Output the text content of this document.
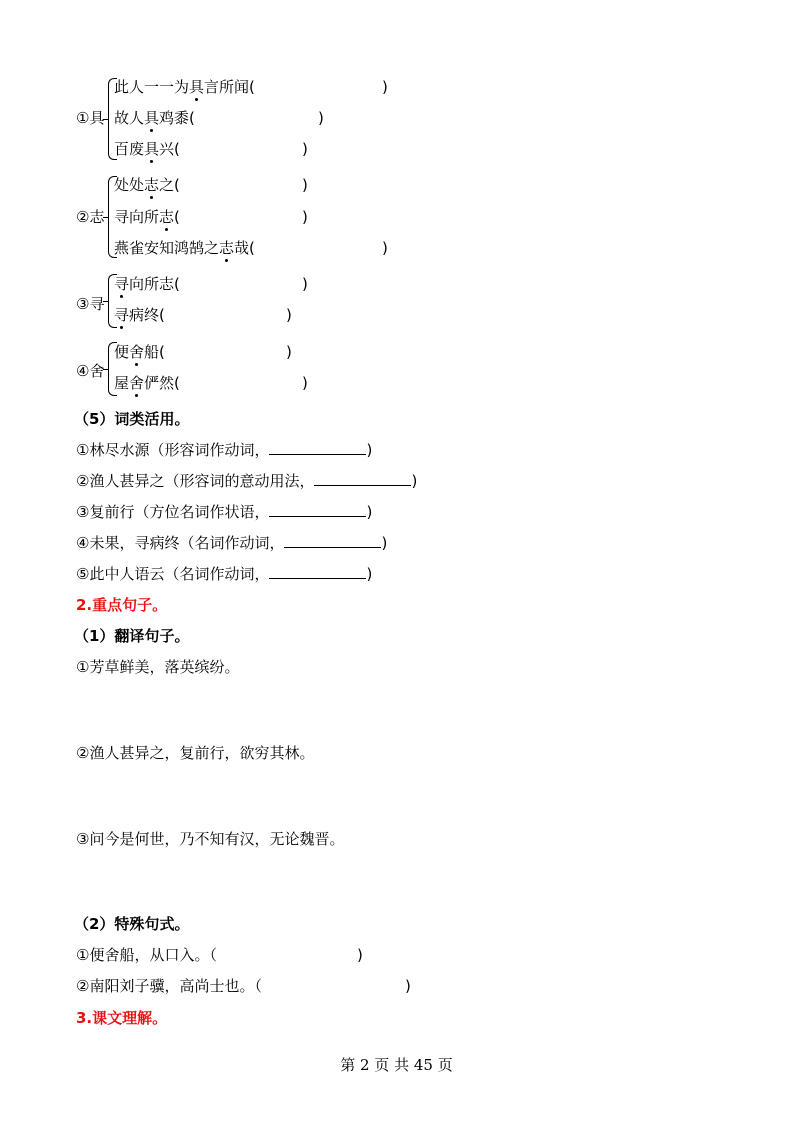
①具
此人一一为具言所闻(	)
故人具鸡黍(	)
百废具兴(	)
②志
处处志之(	)
寻向所志(	)
燕雀安知鸿鹄之志哉(	)
③寻
寻向所志(	)
寻病终(	)
④舍
便舍船(	)
屋舍俨然(	)
（5）词类活用。
①林尽水源（形容词作动词，	)
②渔人甚异之（形容词的意动用法，	)
③复前行（方位名词作状语，	)
④未果，寻病终（名词作动词，	)
⑤此中人语云（名词作动词，	)
2.重点句子。
（1）翻译句子。
①芳草鲜美，落英缤纷。
②渔人甚异之，复前行，欲穷其林。
③问今是何世，乃不知有汉，无论魏晋。
（2）特殊句式。
①便舍船，从口入。（	)
②南阳刘子骥，高尚士也。（	)
3.课文理解。
第 2 页 共 45 页
